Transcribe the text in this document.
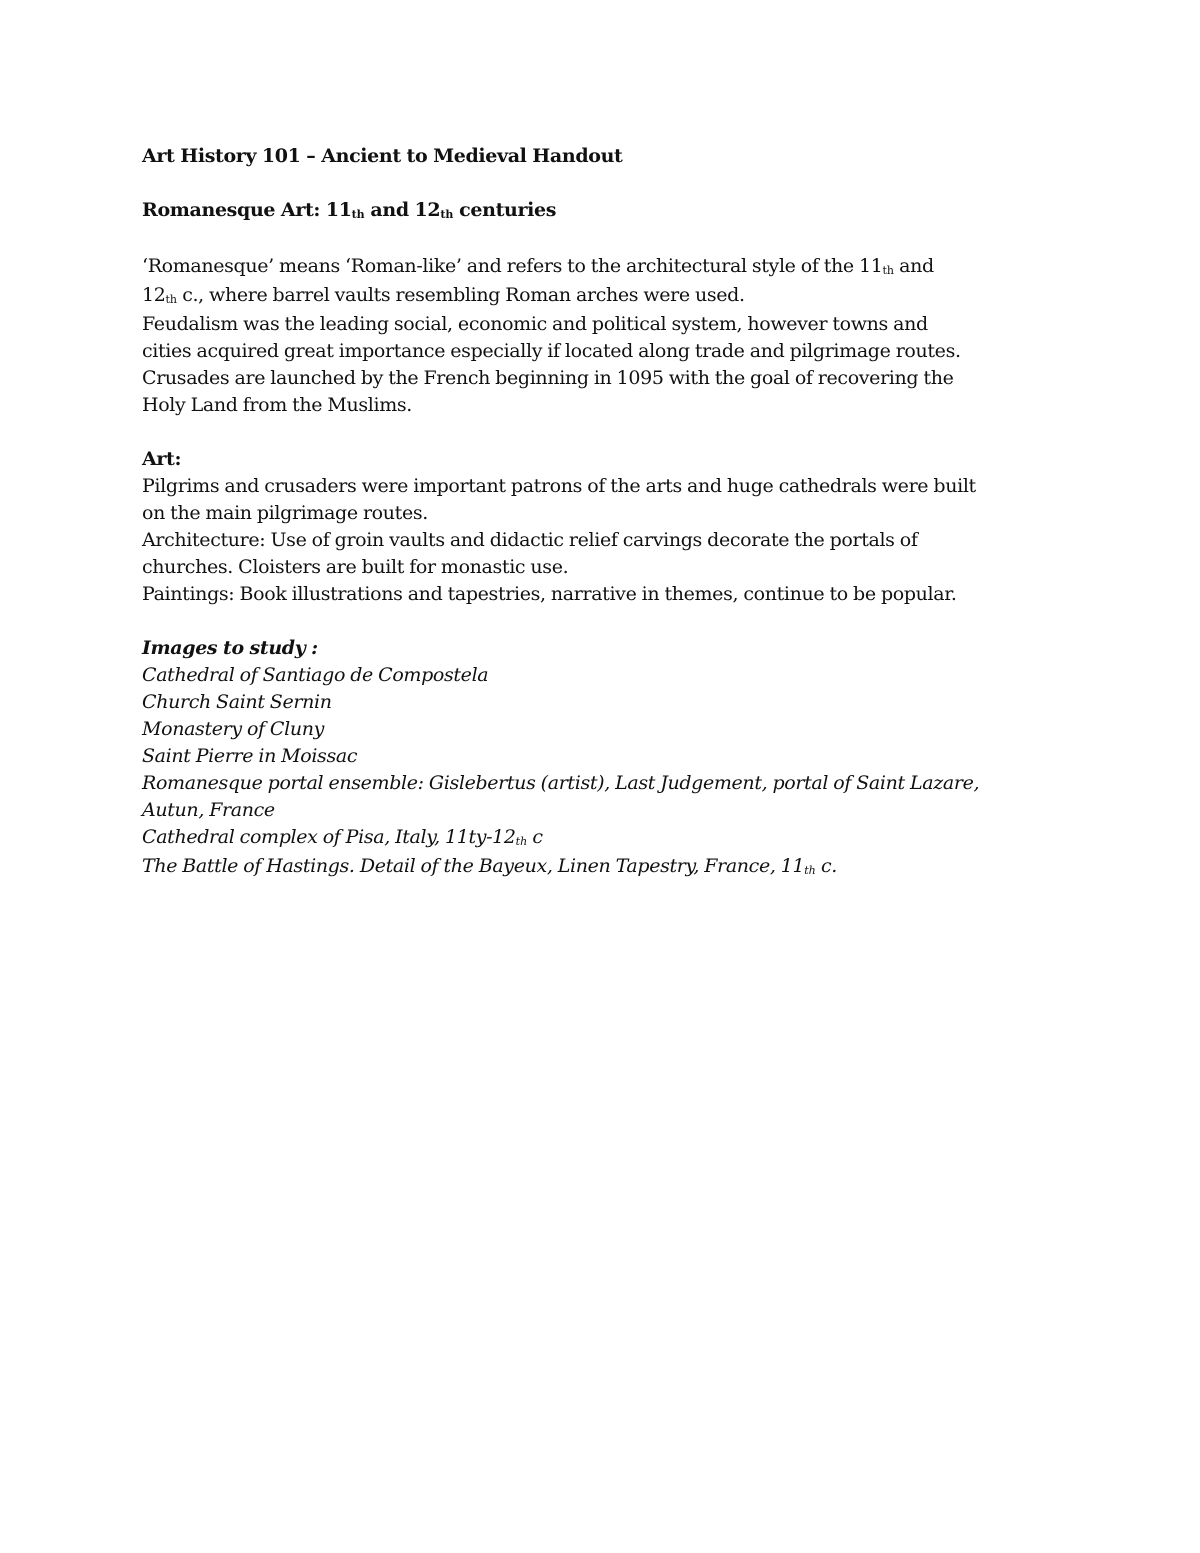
Art History 101 – Ancient to Medieval Handout
Romanesque Art: 11th and 12th centuries
‘Romanesque’ means ‘Roman-like’ and refers to the architectural style of the 11th and
12th c., where barrel vaults resembling Roman arches were used.
Feudalism was the leading social, economic and political system, however towns and
cities acquired great importance especially if located along trade and pilgrimage routes.
Crusades are launched by the French beginning in 1095 with the goal of recovering the
Holy Land from the Muslims.
Art:
Pilgrims and crusaders were important patrons of the arts and huge cathedrals were built
on the main pilgrimage routes.
Architecture: Use of groin vaults and didactic relief carvings decorate the portals of
churches. Cloisters are built for monastic use.
Paintings: Book illustrations and tapestries, narrative in themes, continue to be popular.
Images to study :
Cathedral of Santiago de Compostela
Church Saint Sernin
Monastery of Cluny
Saint Pierre in Moissac
Romanesque portal ensemble: Gislebertus (artist), Last Judgement, portal of Saint Lazare,
Autun, France
Cathedral complex of Pisa, Italy, 11ty-12th c
The Battle of Hastings. Detail of the Bayeux, Linen Tapestry, France, 11th c.
